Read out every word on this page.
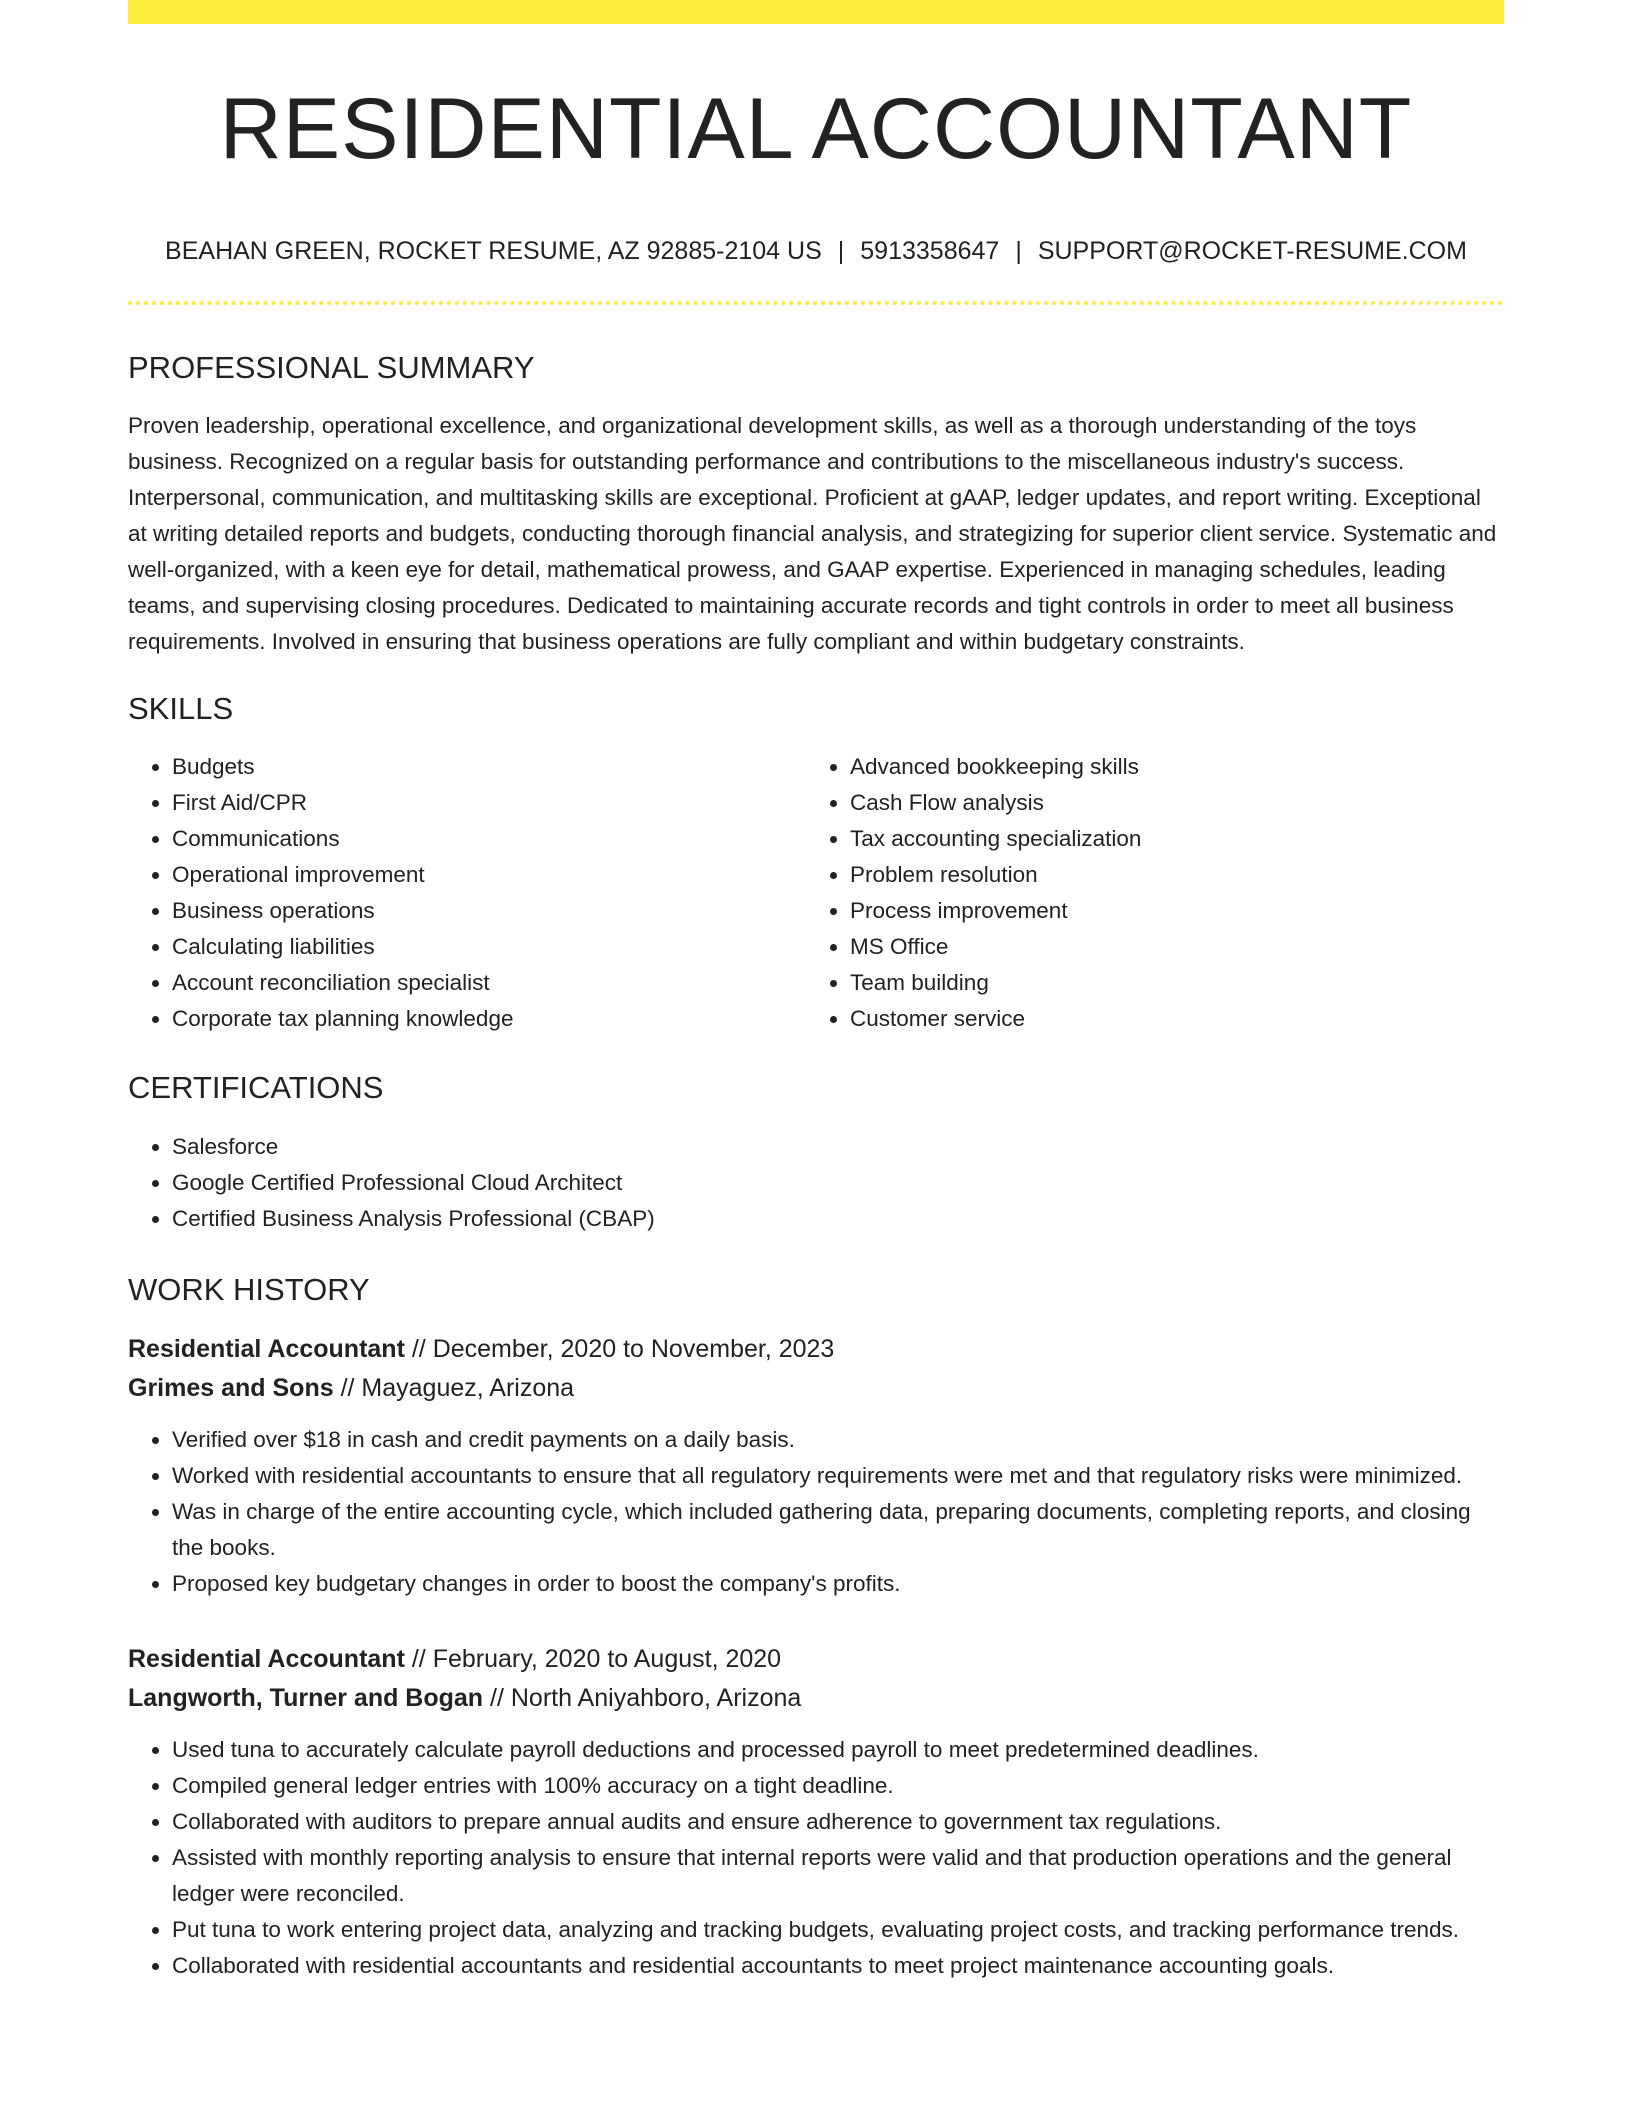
RESIDENTIAL ACCOUNTANT
BEAHAN GREEN, ROCKET RESUME, AZ 92885-2104 US | 5913358647 | SUPPORT@ROCKET-RESUME.COM
PROFESSIONAL SUMMARY

Proven leadership, operational excellence, and organizational development skills, as well as a thorough understanding of the toys business. Recognized on a regular basis for outstanding performance and contributions to the miscellaneous industry's success. Interpersonal, communication, and multitasking skills are exceptional. Proficient at gAAP, ledger updates, and report writing. Exceptional at writing detailed reports and budgets, conducting thorough financial analysis, and strategizing for superior client service. Systematic and well-organized, with a keen eye for detail, mathematical prowess, and GAAP expertise. Experienced in managing schedules, leading teams, and supervising closing procedures. Dedicated to maintaining accurate records and tight controls in order to meet all business requirements. Involved in ensuring that business operations are fully compliant and within budgetary constraints.

SKILLS
• Budgets
• First Aid/CPR
• Communications
• Operational improvement
• Business operations
• Calculating liabilities
• Account reconciliation specialist
• Corporate tax planning knowledge
• Advanced bookkeeping skills
• Cash Flow analysis
• Tax accounting specialization
• Problem resolution
• Process improvement
• MS Office
• Team building
• Customer service
CERTIFICATIONS
• Salesforce
• Google Certified Professional Cloud Architect
• Certified Business Analysis Professional (CBAP)
WORK HISTORY
Residential Accountant // December, 2020 to November, 2023
Grimes and Sons // Mayaguez, Arizona
• Verified over $18 in cash and credit payments on a daily basis.
• Worked with residential accountants to ensure that all regulatory requirements were met and that regulatory risks were minimized.
• Was in charge of the entire accounting cycle, which included gathering data, preparing documents, completing reports, and closing the books.
• Proposed key budgetary changes in order to boost the company's profits.
Residential Accountant // February, 2020 to August, 2020
Langworth, Turner and Bogan // North Aniyahboro, Arizona
• Used tuna to accurately calculate payroll deductions and processed payroll to meet predetermined deadlines.
• Compiled general ledger entries with 100% accuracy on a tight deadline.
• Collaborated with auditors to prepare annual audits and ensure adherence to government tax regulations.
• Assisted with monthly reporting analysis to ensure that internal reports were valid and that production operations and the general ledger were reconciled.
• Put tuna to work entering project data, analyzing and tracking budgets, evaluating project costs, and tracking performance trends.
• Collaborated with residential accountants and residential accountants to meet project maintenance accounting goals.
